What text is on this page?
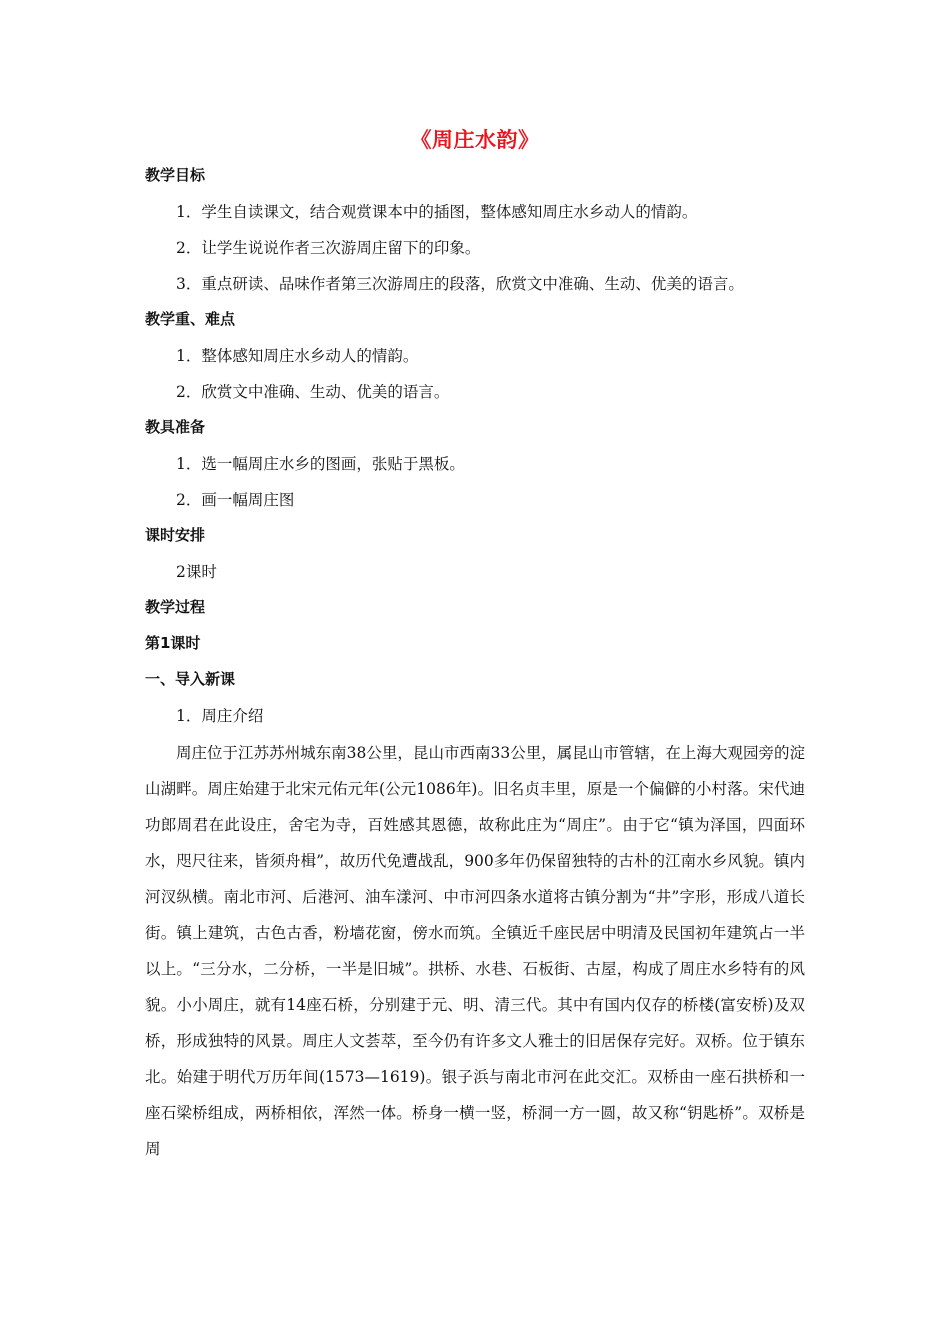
《周庄水韵》
教学目标
1．学生自读课文，结合观赏课本中的插图，整体感知周庄水乡动人的情韵。
2．让学生说说作者三次游周庄留下的印象。
3．重点研读、品味作者第三次游周庄的段落，欣赏文中准确、生动、优美的语言。
教学重、难点
1．整体感知周庄水乡动人的情韵。
2．欣赏文中准确、生动、优美的语言。
教具准备
1．选一幅周庄水乡的图画，张贴于黑板。
2．画一幅周庄图
课时安排
2课时
教学过程
第1课时
一、导入新课
1．周庄介绍
周庄位于江苏苏州城东南38公里，昆山市西南33公里，属昆山市管辖，在上海大观园旁的淀山湖畔。周庄始建于北宋元佑元年(公元1086年)。旧名贞丰里，原是一个偏僻的小村落。宋代迪功郎周君在此设庄，舍宅为寺，百姓感其恩德，故称此庄为“周庄”。由于它“镇为泽国，四面环水，咫尺往来，皆须舟楫”，故历代免遭战乱，900多年仍保留独特的古朴的江南水乡风貌。镇内河汊纵横。南北市河、后港河、油车漾河、中市河四条水道将古镇分割为“井”字形，形成八道长街。镇上建筑，古色古香，粉墙花窗，傍水而筑。全镇近千座民居中明清及民国初年建筑占一半以上。“三分水，二分桥，一半是旧城”。拱桥、水巷、石板街、古屋，构成了周庄水乡特有的风貌。小小周庄，就有14座石桥，分别建于元、明、清三代。其中有国内仅存的桥楼(富安桥)及双桥，形成独特的风景。周庄人文荟萃，至今仍有许多文人雅士的旧居保存完好。双桥。位于镇东北。始建于明代万历年间(1573—1619)。银子浜与南北市河在此交汇。双桥由一座石拱桥和一座石梁桥组成，两桥相依，浑然一体。桥身一横一竖，桥洞一方一圆，故又称“钥匙桥”。双桥是周
